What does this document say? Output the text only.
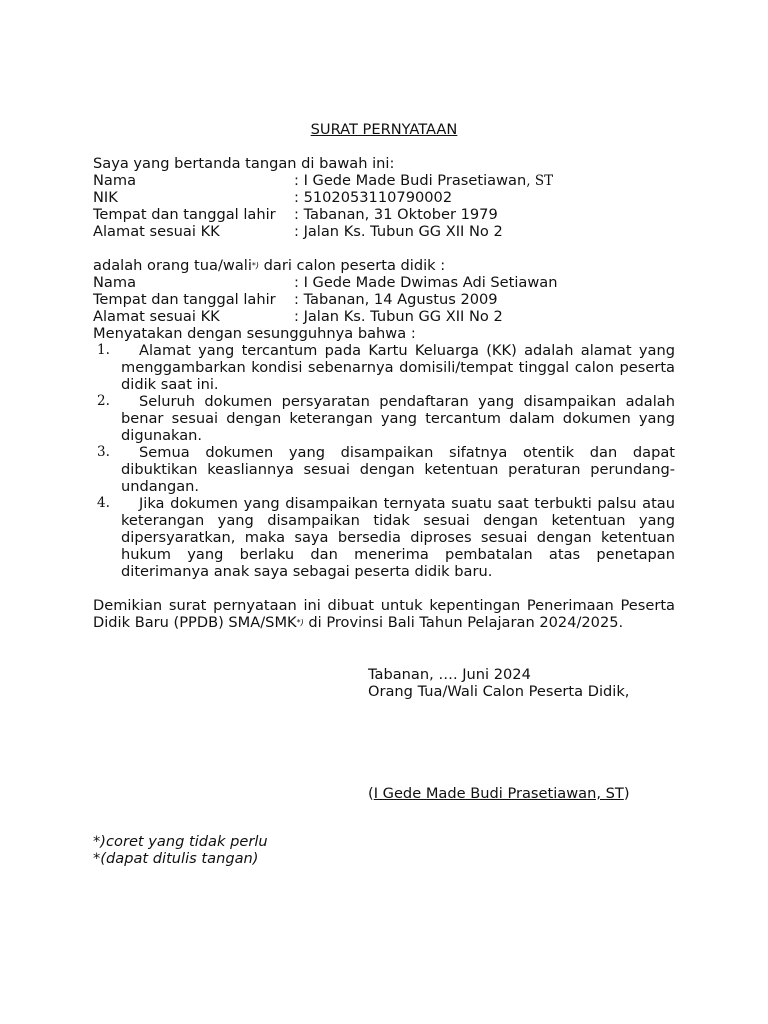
SURAT PERNYATAAN
Saya yang bertanda tangan di bawah ini:
Nama	: I Gede Made Budi Prasetiawan, ST
NIK	: 5102053110790002
Tempat dan tanggal lahir : Tabanan, 31 Oktober 1979
Alamat sesuai KK	: Jalan Ks. Tubun GG XII No 2
adalah orang tua/wali*) dari calon peserta didik :
Nama	: I Gede Made Dwimas Adi Setiawan
Tempat dan tanggal lahir : Tabanan, 14 Agustus 2009
Alamat sesuai KK	: Jalan Ks. Tubun GG XII No 2
Menyatakan dengan sesungguhnya bahwa :
1. Alamat yang tercantum pada Kartu Keluarga (KK) adalah alamat yang menggambarkan kondisi sebenarnya domisili/tempat tinggal calon peserta didik saat ini.
2. Seluruh dokumen persyaratan pendaftaran yang disampaikan adalah benar sesuai dengan keterangan yang tercantum dalam dokumen yang digunakan.
3. Semua dokumen yang disampaikan sifatnya otentik dan dapat dibuktikan keasliannya sesuai dengan ketentuan peraturan perundang-undangan.
4. Jika dokumen yang disampaikan ternyata suatu saat terbukti palsu atau keterangan yang disampaikan tidak sesuai dengan ketentuan yang dipersyaratkan, maka saya bersedia diproses sesuai dengan ketentuan hukum yang berlaku dan menerima pembatalan atas penetapan diterimanya anak saya sebagai peserta didik baru.
Demikian surat pernyataan ini dibuat untuk kepentingan Penerimaan Peserta Didik Baru (PPDB) SMA/SMK*) di Provinsi Bali Tahun Pelajaran 2024/2025.
Tabanan, …. Juni 2024
Orang Tua/Wali Calon Peserta Didik,
(I Gede Made Budi Prasetiawan, ST)
*)coret yang tidak perlu
*(dapat ditulis tangan)
